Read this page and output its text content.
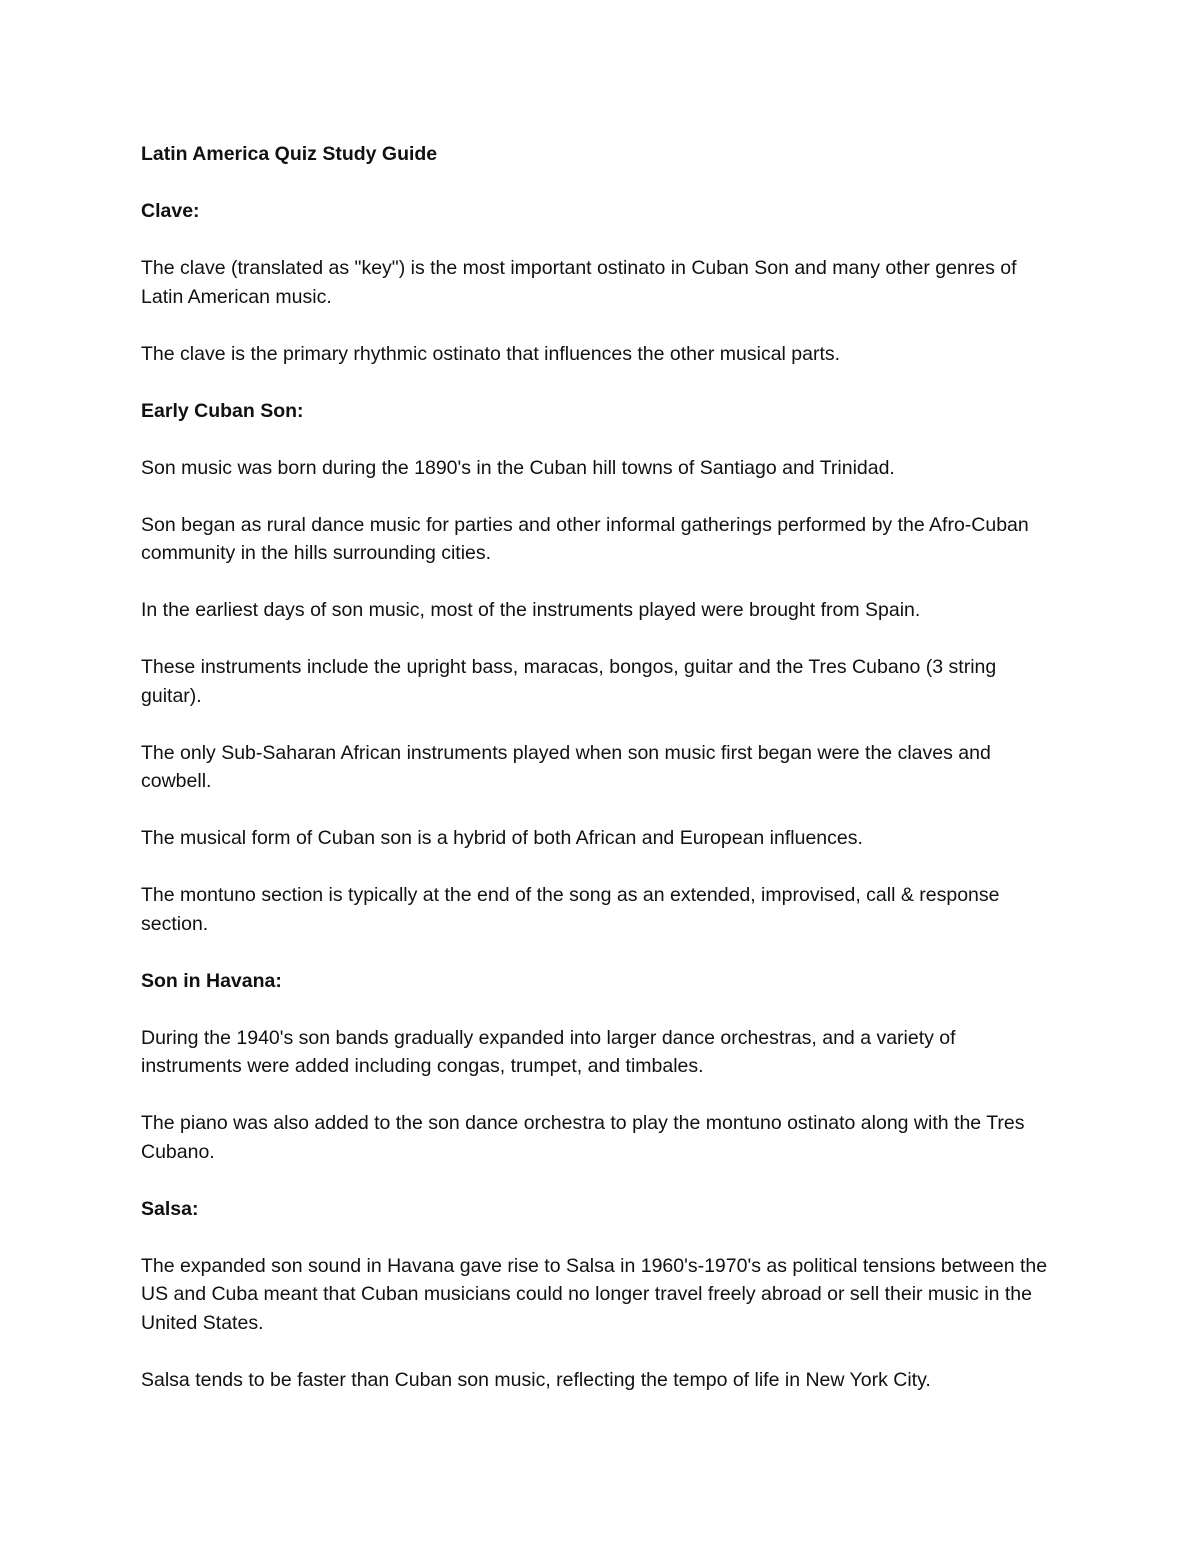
Latin America Quiz Study Guide

Clave:

The clave (translated as "key") is the most important ostinato in Cuban Son and many other genres of Latin American music.

The clave is the primary rhythmic ostinato that influences the other musical parts.

Early Cuban Son:

Son music was born during the 1890's in the Cuban hill towns of Santiago and Trinidad.

Son began as rural dance music for parties and other informal gatherings performed by the Afro-Cuban community in the hills surrounding cities.

In the earliest days of son music, most of the instruments played were brought from Spain.

These instruments include the upright bass, maracas, bongos, guitar and the Tres Cubano (3 string guitar).

The only Sub-Saharan African instruments played when son music first began were the claves and cowbell.

The musical form of Cuban son is a hybrid of both African and European influences.

The montuno section is typically at the end of the song as an extended, improvised, call & response section.

Son in Havana:

During the 1940's son bands gradually expanded into larger dance orchestras, and a variety of instruments were added including congas, trumpet, and timbales.

The piano was also added to the son dance orchestra to play the montuno ostinato along with the Tres Cubano.

Salsa:

The expanded son sound in Havana gave rise to Salsa in 1960's-1970's as political tensions between the US and Cuba meant that Cuban musicians could no longer travel freely abroad or sell their music in the United States.

Salsa tends to be faster than Cuban son music, reflecting the tempo of life in New York City.
